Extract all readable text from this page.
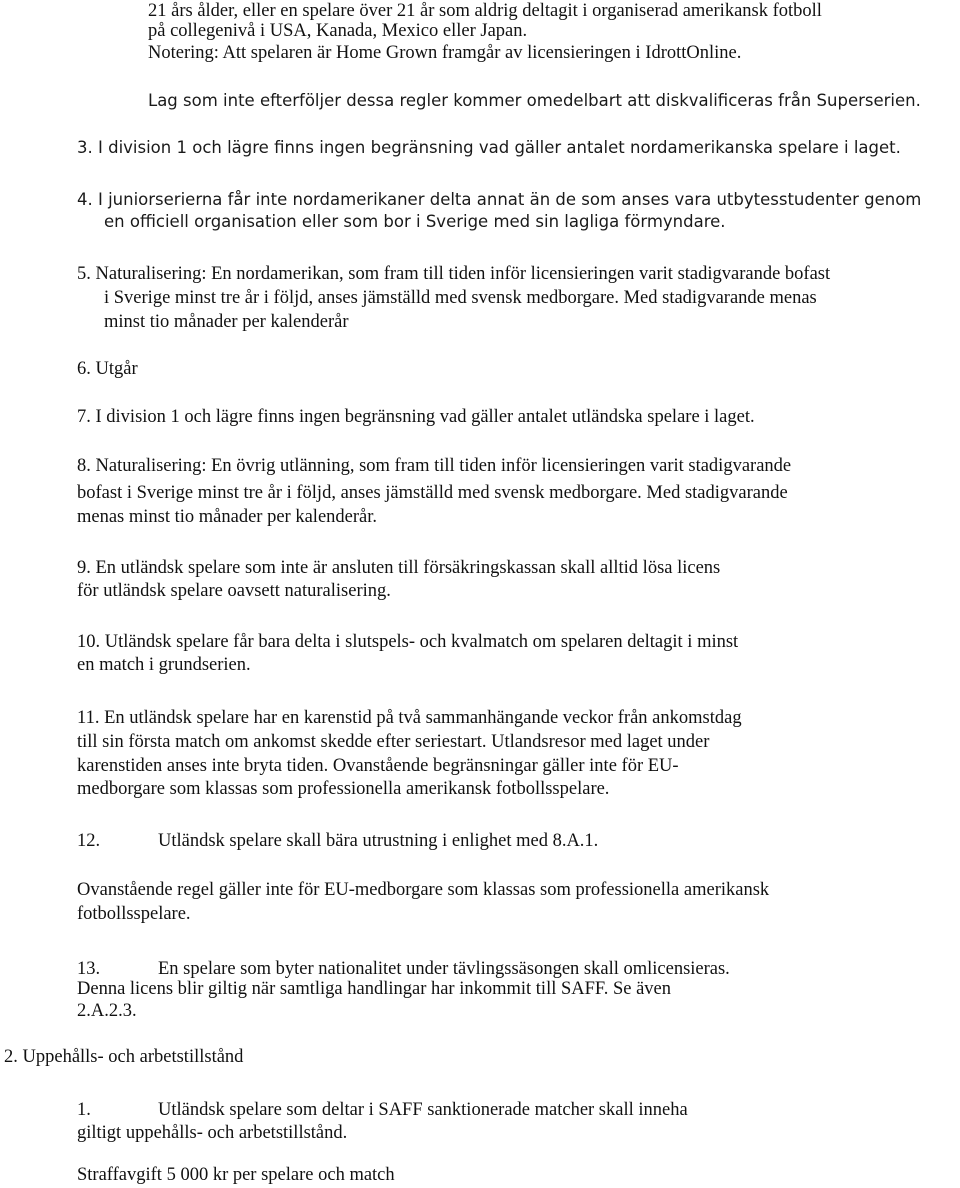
21 års ålder, eller en spelare över 21 år som aldrig deltagit i organiserad amerikansk fotboll
på collegenivå i USA, Kanada, Mexico eller Japan.
Notering: Att spelaren är Home Grown framgår av licensieringen i IdrottOnline.
Lag som inte efterföljer dessa regler kommer omedelbart att diskvalificeras från Superserien.
3. I division 1 och lägre finns ingen begränsning vad gäller antalet nordamerikanska spelare i laget.
4. I juniorserierna får inte nordamerikaner delta annat än de som anses vara utbytesstudenter genom
en officiell organisation eller som bor i Sverige med sin lagliga förmyndare.
5. Naturalisering: En nordamerikan, som fram till tiden inför licensieringen varit stadigvarande bofast
i Sverige minst tre år i följd, anses jämställd med svensk medborgare. Med stadigvarande menas
minst tio månader per kalenderår
6. Utgår
7. I division 1 och lägre finns ingen begränsning vad gäller antalet utländska spelare i laget.
8. Naturalisering: En övrig utlänning, som fram till tiden inför licensieringen varit stadigvarande
bofast i Sverige minst tre år i följd, anses jämställd med svensk medborgare. Med stadigvarande
menas minst tio månader per kalenderår.
9. En utländsk spelare som inte är ansluten till försäkringskassan skall alltid lösa licens
för utländsk spelare oavsett naturalisering.
10. Utländsk spelare får bara delta i slutspels- och kvalmatch om spelaren deltagit i minst
en match i grundserien.
11. En utländsk spelare har en karenstid på två sammanhängande veckor från ankomstdag
till sin första match om ankomst skedde efter seriestart. Utlandsresor med laget under
karenstiden anses inte bryta tiden. Ovanstående begränsningar gäller inte för EU-
medborgare som klassas som professionella amerikansk fotbollsspelare.
12.	Utländsk spelare skall bära utrustning i enlighet med 8.A.1.
Ovanstående regel gäller inte för EU-medborgare som klassas som professionella amerikansk
fotbollsspelare.
13.	En spelare som byter nationalitet under tävlingssäsongen skall omlicensieras.
Denna licens blir giltig när samtliga handlingar har inkommit till SAFF. Se även
2.A.2.3.
2. Uppehålls- och arbetstillstånd
1.	Utländsk spelare som deltar i SAFF sanktionerade matcher skall inneha
giltigt uppehålls- och arbetstillstånd.
Straffavgift 5 000 kr per spelare och match
